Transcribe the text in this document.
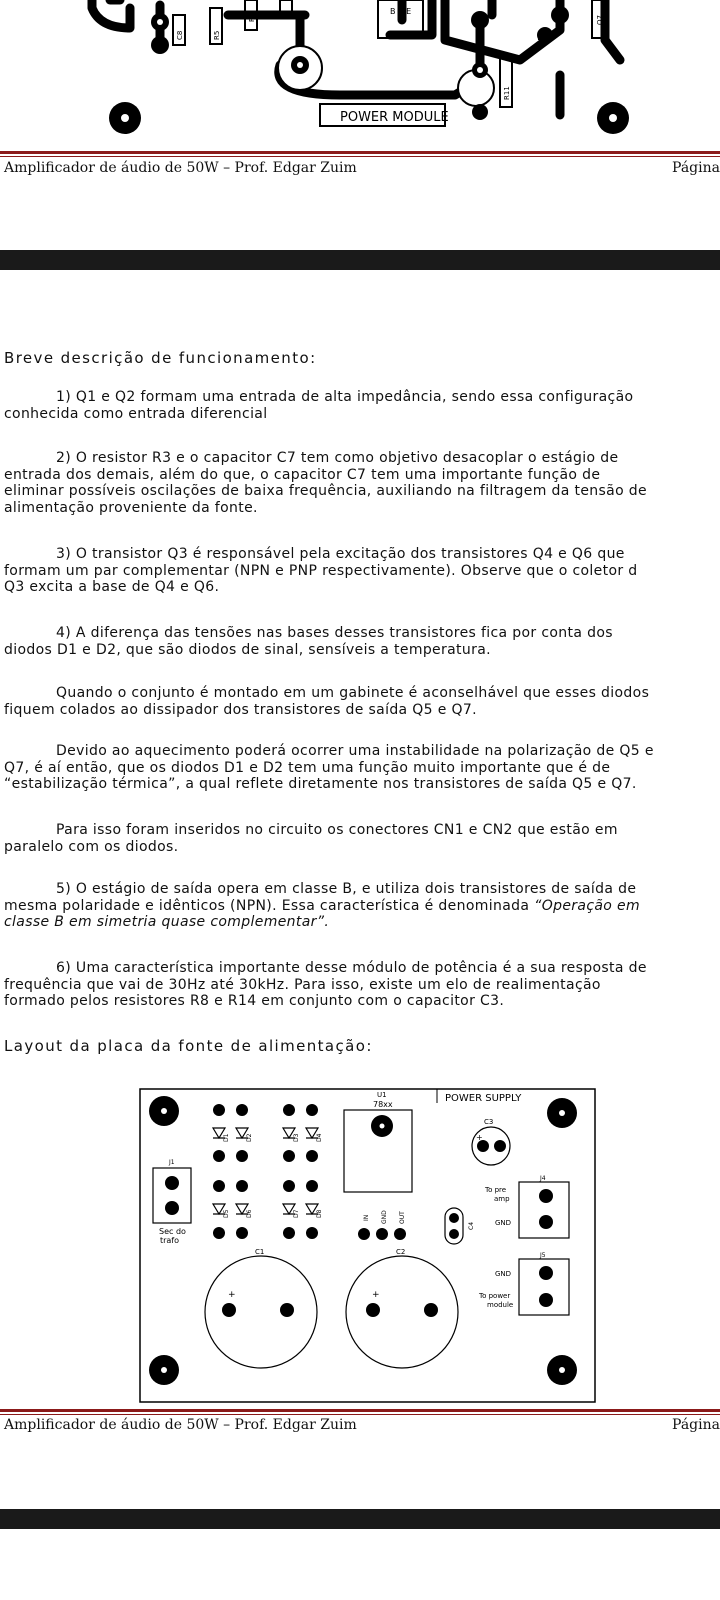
B C E
POWER MODULE
C8	R5
R6	Q7
R11
E
Amplificador de áudio de 50W – Prof. Edgar Zuim	Página
Breve descrição de funcionamento:

1) Q1 e Q2 formam uma entrada de alta impedância, sendo essa configuração

conhecida como entrada diferencial

2) O resistor R3 e o capacitor C7 tem como objetivo desacoplar o estágio de

entrada dos demais, além do que, o capacitor C7 tem uma importante função de

eliminar possíveis oscilações de baixa frequência, auxiliando na filtragem da tensão de

alimentação proveniente da fonte.

3) O transistor Q3 é responsável pela excitação dos transistores Q4 e Q6 que

formam um par complementar (NPN e PNP respectivamente). Observe que o coletor d

Q3 excita a base de Q4 e Q6.

4) A diferença das tensões nas bases desses transistores fica por conta dos

diodos D1 e D2, que são diodos de sinal, sensíveis a temperatura.

Quando o conjunto é montado em um gabinete é aconselhável que esses diodos

fiquem colados ao dissipador dos transistores de saída Q5 e Q7.

Devido ao aquecimento poderá ocorrer uma instabilidade na polarização de Q5 e

Q7, é aí então, que os diodos D1 e D2 tem uma função muito importante que é de

“estabilização térmica”, a qual reflete diretamente nos transistores de saída Q5 e Q7.

Para isso foram inseridos no circuito os conectores CN1 e CN2 que estão em

paralelo com os diodos.

5) O estágio de saída opera em classe B, e utiliza dois transistores de saída de

mesma polaridade e idênticos (NPN). Essa característica é denominada “Operação em

classe B em simetria quase complementar”.

6) Uma característica importante desse módulo de potência é a sua resposta de

frequência que vai de 30Hz até 30kHz. Para isso, existe um elo de realimentação

formado pelos resistores R8 e R14 em conjunto com o capacitor C3.

Layout da placa da fonte de alimentação:
D1	D2	D3	D4
D5	D6	D7	D8
J1
Sec do
trafo
U1
78xx
IN GND OUT
C4
C3
+
POWER SUPPLY
J4
To pre
amp
GND
J5
GND
To power
module
C1
+
C2
+
Amplificador de áudio de 50W – Prof. Edgar Zuim	Página
